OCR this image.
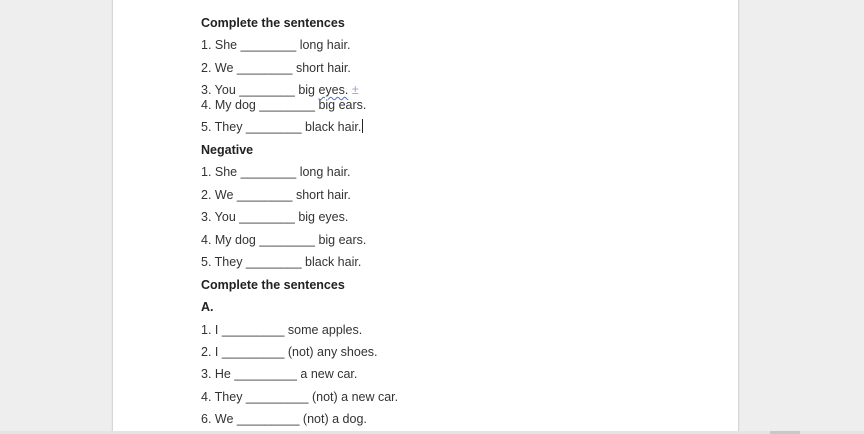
Complete the sentences
1. She ________ long hair.
2. We ________ short hair.
3. You ________ big eyes. ±
4. My dog ________ big ears.
5. They ________ black hair.
Negative
1. She ________ long hair.
2. We ________ short hair.
3. You ________ big eyes.
4. My dog ________ big ears.
5. They ________ black hair.
Complete the sentences
A.
1. I _________ some apples.
2. I _________ (not) any shoes.
3. He _________ a new car.
4. They _________ (not) a new car.
6. We _________ (not) a dog.
